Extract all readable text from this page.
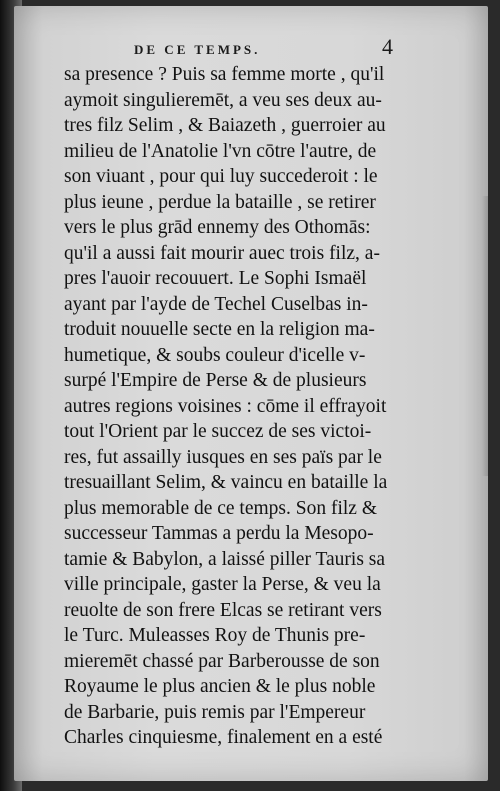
DE CE TEMPS.	4
sa presence ? Puis sa femme morte , qu'il
aymoit singulieremēt, a veu ses deux au-
tres filz Selim , & Baiazeth , guerroier au
milieu de l'Anatolie l'vn cōtre l'autre, de
son viuant , pour qui luy succederoit : le
plus ieune , perdue la bataille , se retirer
vers le plus grād ennemy des Othomās:
qu'il a aussi fait mourir auec trois filz, a-
pres l'auoir recouuert. Le Sophi Ismaël
ayant par l'ayde de Techel Cuselbas in-
troduit nouuelle secte en la religion ma-
humetique, & soubs couleur d'icelle v-
surpé l'Empire de Perse & de plusieurs
autres regions voisines : cōme il effrayoit
tout l'Orient par le succez de ses victoi-
res, fut assailly iusques en ses païs par le
tresuaillant Selim, & vaincu en bataille la
plus memorable de ce temps. Son filz &
successeur Tammas a perdu la Mesopo-
tamie & Babylon, a laissé piller Tauris sa
ville principale, gaster la Perse, & veu la
reuolte de son frere Elcas se retirant vers
le Turc. Muleasses Roy de Thunis pre-
mieremēt chassé par Barberousse de son
Royaume le plus ancien & le plus noble
de Barbarie, puis remis par l'Empereur
Charles cinquiesme, finalement en a esté
